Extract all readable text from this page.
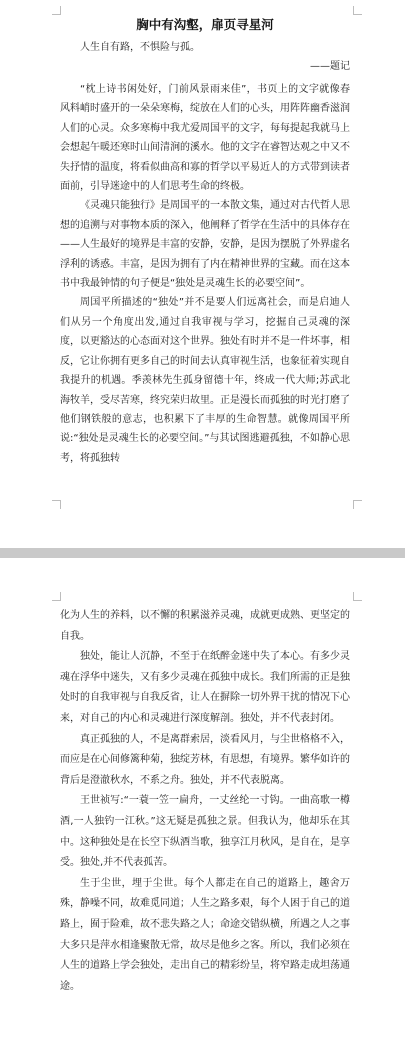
胸中有沟壑，扉页寻星河

人生自有路，不惧险与孤。

——题记

“枕上诗书闲处好，门前风景雨来佳”，书页上的文字就像春风料峭时盛开的一朵朵寒梅，绽放在人们的心头，用阵阵幽香滋润人们的心灵。众多寒梅中我尤爱周国平的文字，每每提起我就马上会想起午暖还寒时山间清涧的溪水。他的文字在睿智达观之中又不失抒情的温度，将看似曲高和寡的哲学以平易近人的方式带到读者面前，引导迷途中的人们思考生命的终极。

《灵魂只能独行》是周国平的一本散文集，通过对古代哲人思想的追溯与对事物本质的深入，他阐释了哲学在生活中的具体存在——人生最好的境界是丰富的安静，安静，是因为摆脱了外界虚名浮利的诱惑。丰富，是因为拥有了内在精神世界的宝藏。而在这本书中我最钟情的句子便是“独处是灵魂生长的必要空间”。

周国平所描述的“独处”并不是要人们远离社会，而是启迪人们从另一个角度出发,通过自我审视与学习，挖掘自己灵魂的深度，以更豁达的心态面对这个世界。独处有时并不是一件坏事，相反，它让你拥有更多自己的时间去认真审视生活，也象征着实现自我提升的机遇。季羡林先生孤身留德十年，终成一代大师;苏武北海牧羊，受尽苦寒，终究荣归故里。正是漫长而孤独的时光打磨了他们钢铁般的意志，也积累下了丰厚的生命智慧。就像周国平所说:“独处是灵魂生长的必要空间。”与其试图逃避孤独，不如静心思考，将孤独转

化为人生的养料，以不懈的积累滋养灵魂，成就更成熟、更坚定的自我。

独处，能让人沉静，不至于在纸醉金迷中失了本心。有多少灵魂在浮华中迷失，又有多少灵魂在孤独中成长。我们所需的正是独处时的自我审视与自我反省，让人在摒除一切外界干扰的情况下心来，对自己的内心和灵魂进行深度解剖。独处，并不代表封闭。

真正孤独的人，不是离群索居，淡看风月，与尘世格格不入，而应是在心间修篱种菊，独绽芳林，有思想，有境界。繁华如许的背后是澄澈秋水，不系之舟。独处，并不代表脱离。

王世祯写:“一蓑一笠一扁舟，一丈丝纶一寸钩。一曲高歌一樽酒,一人独钓一江秋。”这无疑是孤独之景。但我认为，他却乐在其中。这种独处是在长空下纵酒当歌，独享江月秋风，是自在，是享受。独处,并不代表孤苦。

生于尘世，埋于尘世。每个人都走在自己的道路上，趣舍万殊，静噪不同，故难觅同道；人生之路多艰，每个人困于自己的道路上，囿于险难，故不悲失路之人；命途交错纵横，所遇之人之事大多只是萍水相逢聚散无常，故尽是他乡之客。所以，我们必须在人生的道路上学会独处，走出自己的精彩纷呈，将窄路走成坦荡通途。
